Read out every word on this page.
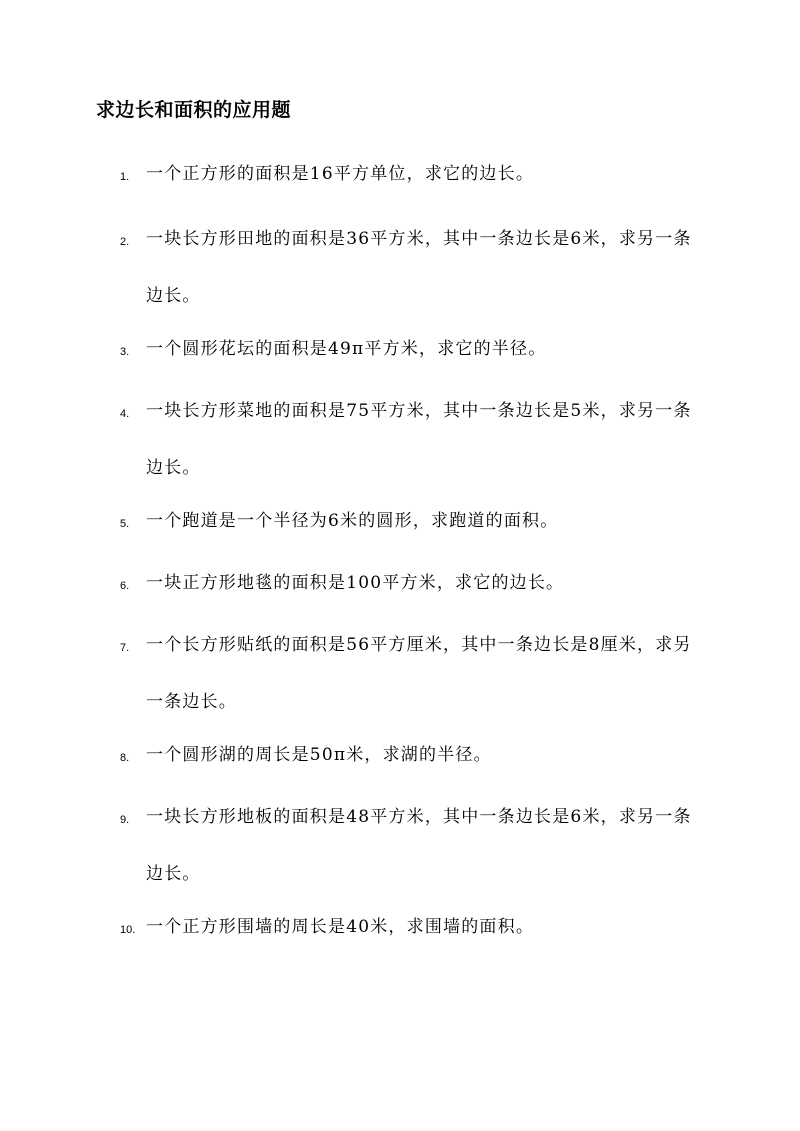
求边长和面积的应用题
1. 一个正方形的面积是16平方单位，求它的边长。
2. 一块长方形田地的面积是36平方米，其中一条边长是6米，求另一条边长。
3. 一个圆形花坛的面积是49π平方米，求它的半径。
4. 一块长方形菜地的面积是75平方米，其中一条边长是5米，求另一条边长。
5. 一个跑道是一个半径为6米的圆形，求跑道的面积。
6. 一块正方形地毯的面积是100平方米，求它的边长。
7. 一个长方形贴纸的面积是56平方厘米，其中一条边长是8厘米，求另一条边长。
8. 一个圆形湖的周长是50π米，求湖的半径。
9. 一块长方形地板的面积是48平方米，其中一条边长是6米，求另一条边长。
10. 一个正方形围墙的周长是40米，求围墙的面积。
